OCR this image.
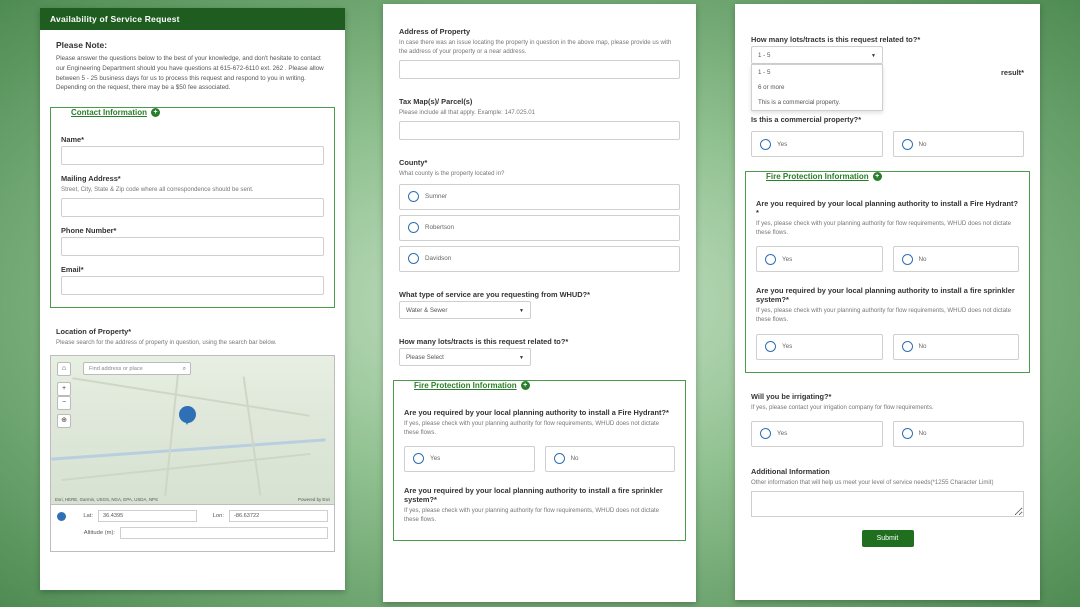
Availability of Service Request
Please Note:
Please answer the questions below to the best of your knowledge, and don't hesitate to contact our Engineering Department should you have questions at 615-672-6110 ext. 262 . Please allow between 5 - 25 business days for us to process this request and respond to you in writing. Depending on the request, there may be a $50 fee associated.
Contact Information +
Name*
Mailing Address*
Street, City, State & Zip code where all correspondence should be sent.
Phone Number*
Email*
Location of Property*
Please search for the address of property in question, using the search bar below.
Esri, HERE, Garmin, USGS, NGA, EPA, USDA, NPS	Powered by Esri
⌂	Find address or place	⌕
+
−
⊕
Lat:	36.4395	Lon:	-86.63722
Altitude (m):
Address of Property
In case there was an issue locating the property in question in the above map, please provide us with the address of your property or a near address.
Tax Map(s)/ Parcel(s)
Please include all that apply. Example: 147.025.01
County*
What county is the property located in?
Sumner
Robertson
Davidson
What type of service are you requesting from WHUD?*
Water & Sewer	▼
How many lots/tracts is this request related to?*
Please Select	▼
Fire Protection Information +
Are you required by your local planning authority to install a Fire Hydrant?*
If yes, please check with your planning authority for flow requirements, WHUD does not dictate these flows.
Yes	No
Are you required by your local planning authority to install a fire sprinkler system?*
If yes, please check with your planning authority for flow requirements, WHUD does not dictate these flows.
How many lots/tracts is this request related to?*
1 - 5	▼
1 - 5
6 or more
This is a commercial property.
result*
Is this a commercial property?*
Yes	No
Fire Protection Information +
Are you required by your local planning authority to install a Fire Hydrant?*
If yes, please check with your planning authority for flow requirements, WHUD does not dictate these flows.
Yes	No
Are you required by your local planning authority to install a fire sprinkler system?*
If yes, please check with your planning authority for flow requirements, WHUD does not dictate these flows.
Yes	No
Will you be irrigating?*
If yes, please contact your irrigation company for flow requirements.
Yes	No
Additional Information
Other information that will help us meet your level of service needs(*1255 Character Limit)
Submit
